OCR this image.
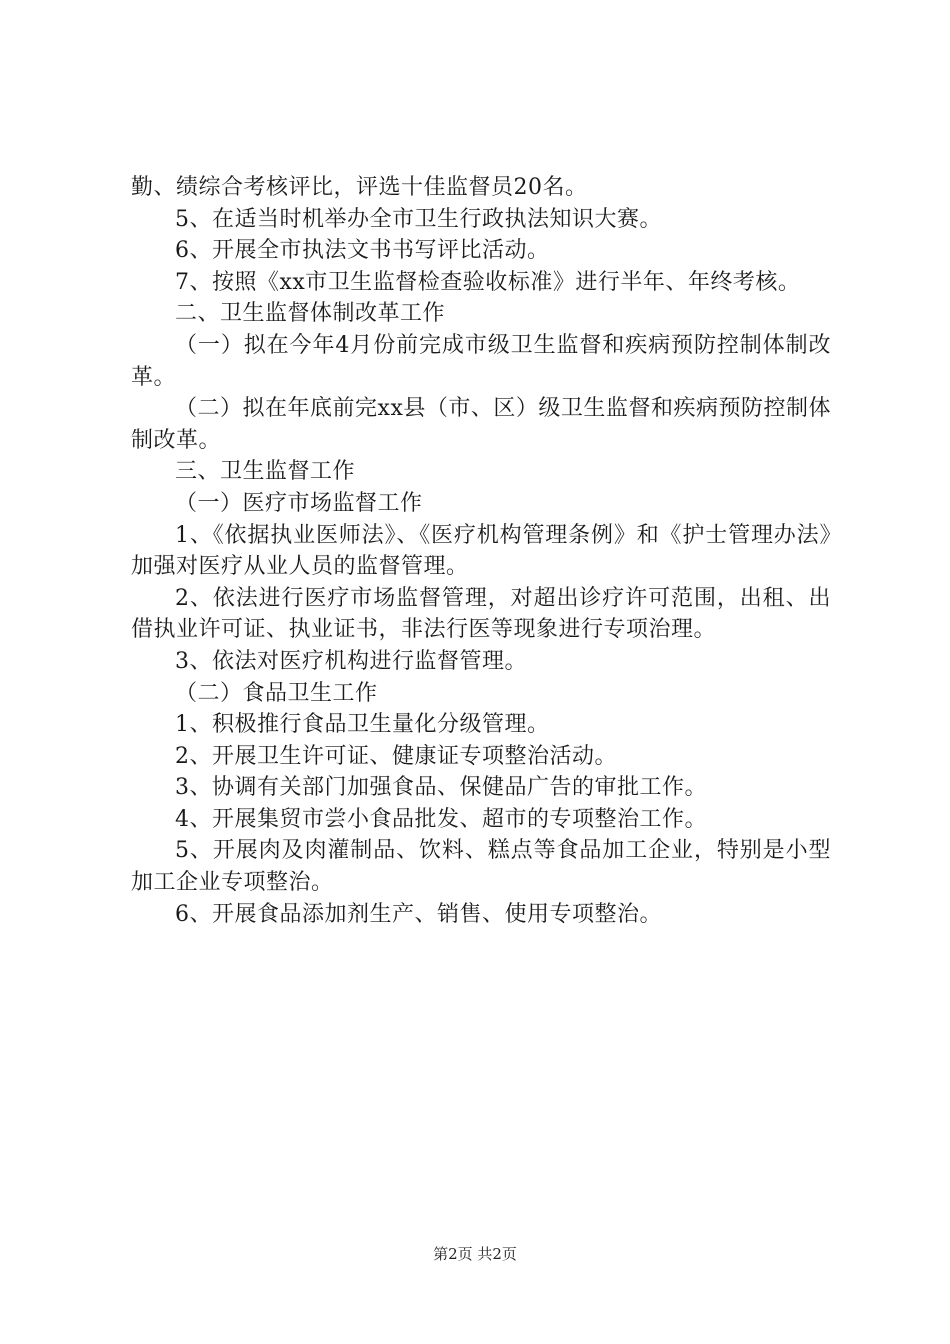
勤、绩综合考核评比，评选十佳监督员20名。

5、在适当时机举办全市卫生行政执法知识大赛。

6、开展全市执法文书书写评比活动。

7、按照《xx市卫生监督检查验收标准》进行半年、年终考核。

二、卫生监督体制改革工作

（一）拟在今年4月份前完成市级卫生监督和疾病预防控制体制改革。

（二）拟在年底前完xx县（市、区）级卫生监督和疾病预防控制体制改革。

三、卫生监督工作

（一）医疗市场监督工作

1、《依据执业医师法》、《医疗机构管理条例》和《护士管理办法》加强对医疗从业人员的监督管理。

2、依法进行医疗市场监督管理，对超出诊疗许可范围，出租、出借执业许可证、执业证书，非法行医等现象进行专项治理。

3、依法对医疗机构进行监督管理。

（二）食品卫生工作

1、积极推行食品卫生量化分级管理。

2、开展卫生许可证、健康证专项整治活动。

3、协调有关部门加强食品、保健品广告的审批工作。

4、开展集贸市尝小食品批发、超市的专项整治工作。

5、开展肉及肉灌制品、饮料、糕点等食品加工企业，特别是小型加工企业专项整治。

6、开展食品添加剂生产、销售、使用专项整治。

第2页 共2页
